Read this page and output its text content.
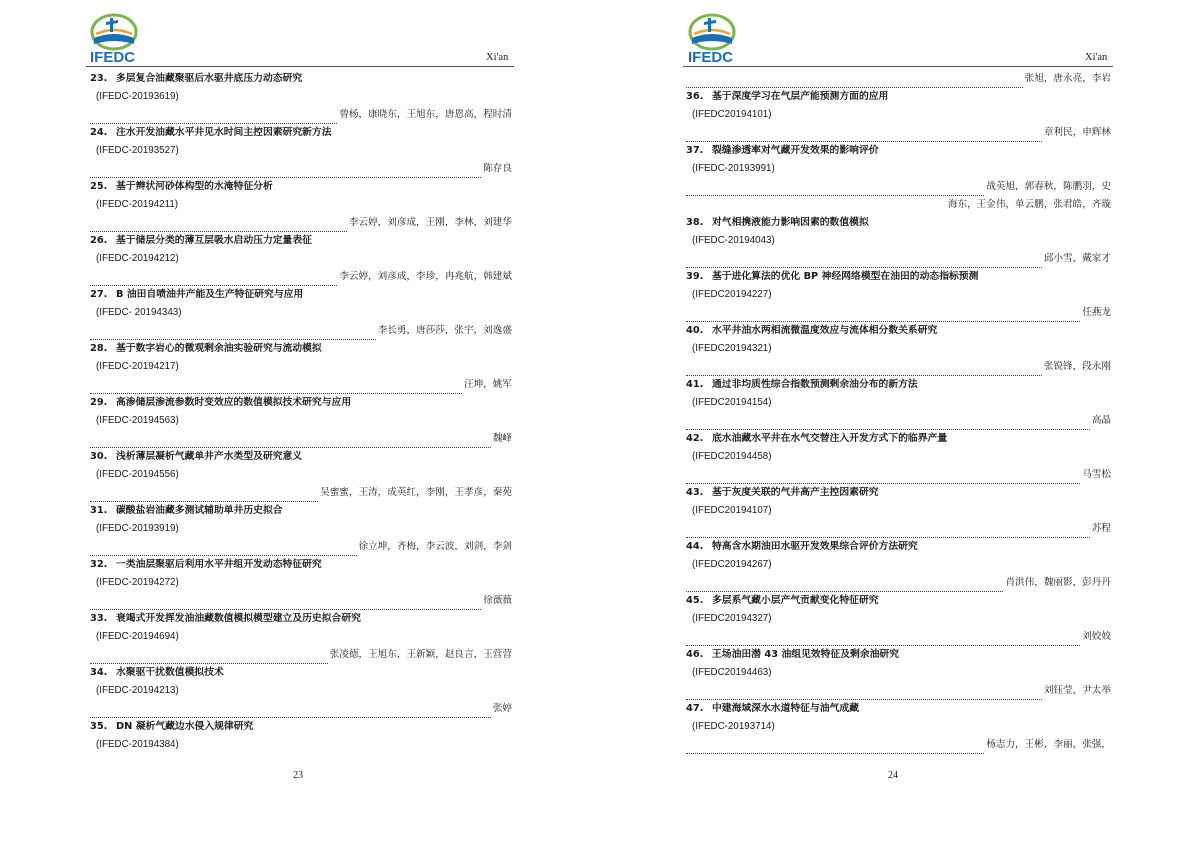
IFEDC	Xi'an
23. 多层复合油藏聚驱后水驱井底压力动态研究
(IFEDC-20193619)
曾杨，康晓东，王旭东，唐恩高，程时清
24. 注水开发油藏水平井见水时间主控因素研究新方法
(IFEDC-20193527)
陈存良
25. 基于辫状河砂体构型的水淹特征分析
(IFEDC-20194211)
李云婷，刘彦成，王刚，李林，刘建华
26. 基于储层分类的薄互层吸水启动压力定量表征
(IFEDC-20194212)
李云婷，刘彦成，李珍，冉兆航，韩建斌
27. B 油田自喷油井产能及生产特征研究与应用
(IFEDC- 20194343)
李长勇，唐莎莎，张宇，刘逸盛
28. 基于数字岩心的微观剩余油实验研究与流动模拟
(IFEDC-20194217)
汪坤，姚军
29. 高渗储层渗流参数时变效应的数值模拟技术研究与应用
(IFEDC-20194563)
魏峰
30. 浅析薄层凝析气藏单井产水类型及研究意义
(IFEDC-20194556)
吴蜜蜜，王涛，成英红，李刚，王孝彦，秦苑
31. 碳酸盐岩油藏多测试辅助单井历史拟合
(IFEDC-20193919)
徐立坤，齐梅，李云波，刘剑，李剑
32. 一类油层聚驱后利用水平井组开发动态特征研究
(IFEDC-20194272)
徐薇薇
33. 衰竭式开发挥发油油藏数值模拟模型建立及历史拟合研究
(IFEDC-20194694)
张凌德，王旭东，王新颖，赵良言，王营营
34. 水聚驱干扰数值模拟技术
(IFEDC-20194213)
张婷
35. DN 凝析气藏边水侵入规律研究
(IFEDC-20194384)
23
IFEDC	Xi'an
张旭，唐永亮，李岩
36. 基于深度学习在气层产能预测方面的应用
(IFEDC20194101)
章利民，申辉林
37. 裂缝渗透率对气藏开发效果的影响评价
(IFEDC-20193991)
战英旭，郭春秋，陈鹏羽，史
海东，王金伟，单云鹏，张君皓，齐璇
38. 对气相携液能力影响因素的数值模拟
(IFEDC-20194043)
邱小雪，戴家才
39. 基于进化算法的优化 BP 神经网络模型在油田的动态指标预测
(IFEDC20194227)
任燕龙
40. 水平井油水两相流微温度效应与流体相分数关系研究
(IFEDC20194321)
张锐锋，段永刚
41. 通过非均质性综合指数预测剩余油分布的新方法
(IFEDC20194154)
高晶
42. 底水油藏水平井在水气交替注入开发方式下的临界产量
(IFEDC20194458)
马雪松
43. 基于灰度关联的气井高产主控因素研究
(IFEDC20194107)
苏程
44. 特高含水期油田水驱开发效果综合评价方法研究
(IFEDC20194267)
肖洪伟，魏丽影，彭丹丹
45. 多层系气藏小层产气贡献变化特征研究
(IFEDC20194327)
刘姣姣
46. 王场油田潜 43 油组见效特征及剩余油研究
(IFEDC20194463)
刘钰莹，尹太举
47. 中建海域深水水道特征与油气成藏
(IFEDC-20193714)
杨志力，王彬，李丽，张强，
24
